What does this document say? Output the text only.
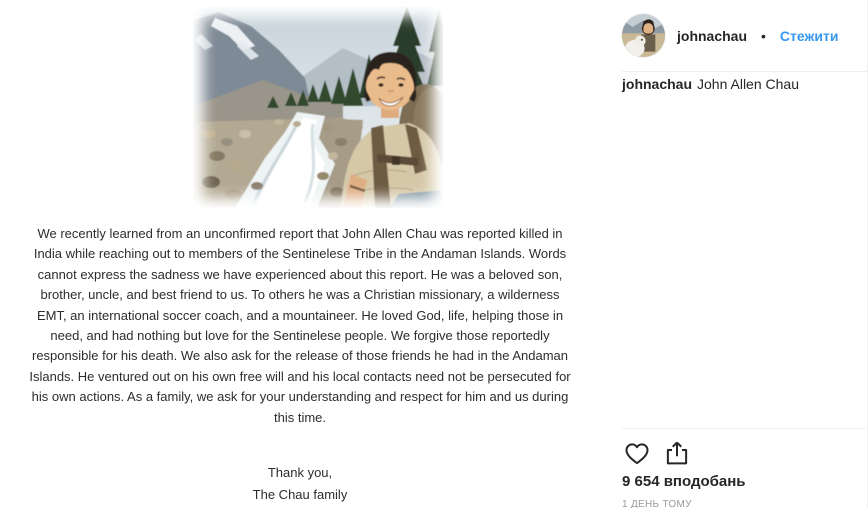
We recently learned from an unconfirmed report that John Allen Chau was reported killed in
India while reaching out to members of the Sentinelese Tribe in the Andaman Islands. Words
cannot express the sadness we have experienced about this report. He was a beloved son,
brother, uncle, and best friend to us. To others he was a Christian missionary, a wilderness
EMT, an international soccer coach, and a mountaineer. He loved God, life, helping those in
need, and had nothing but love for the Sentinelese people. We forgive those reportedly
responsible for his death. We also ask for the release of those friends he had in the Andaman
Islands. He ventured out on his own free will and his local contacts need not be persecuted for
his own actions. As a family, we ask for your understanding and respect for him and us during
this time.
Thank you,
The Chau family
johnachau • Стежити
johnachau John Allen Chau
9 654 вподобань
1 ДЕНЬ ТОМУ
